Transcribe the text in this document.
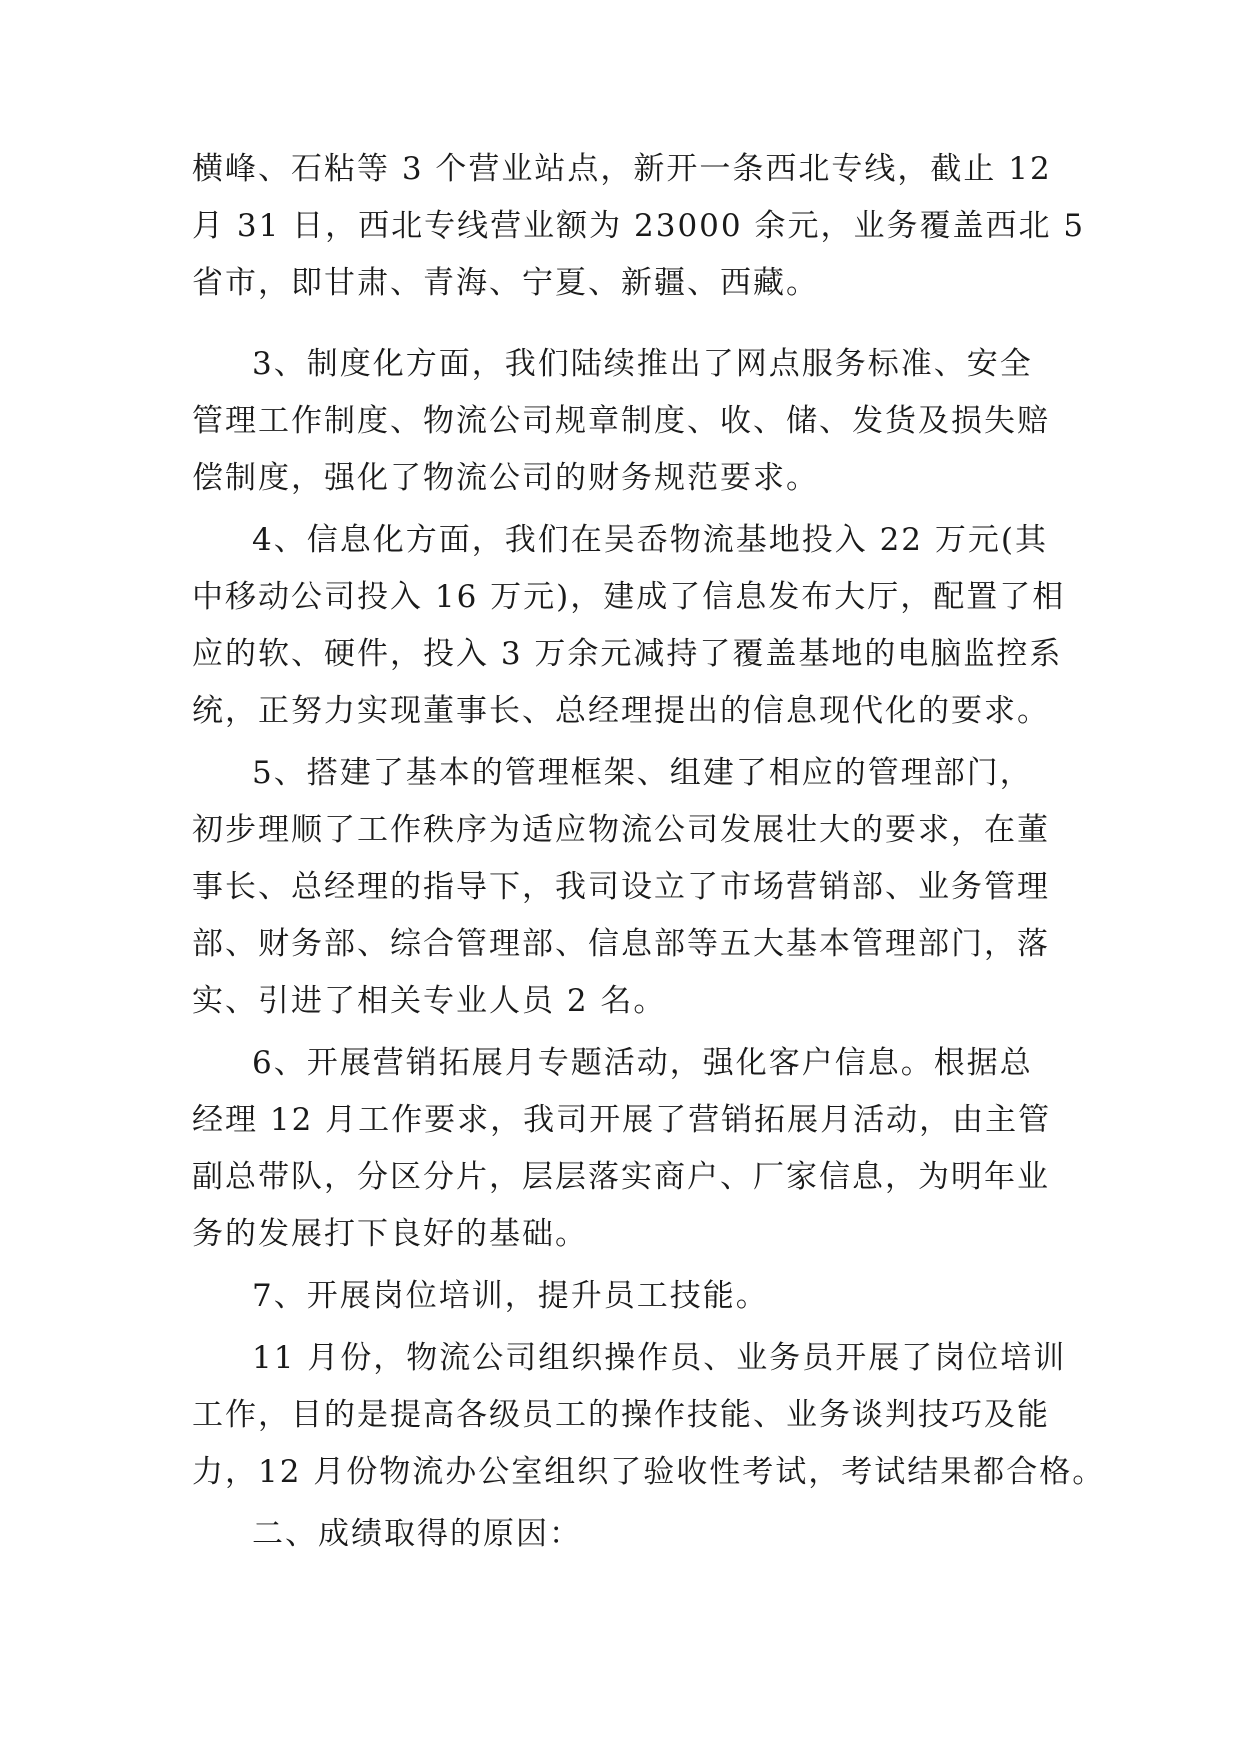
横峰、石粘等 3 个营业站点，新开一条西北专线，截止 12
月 31 日，西北专线营业额为 23000 余元，业务覆盖西北 5
省市，即甘肃、青海、宁夏、新疆、西藏。
3、制度化方面，我们陆续推出了网点服务标准、安全
管理工作制度、物流公司规章制度、收、储、发货及损失赔
偿制度，强化了物流公司的财务规范要求。
4、信息化方面，我们在吴岙物流基地投入 22 万元(其
中移动公司投入 16 万元)，建成了信息发布大厅，配置了相
应的软、硬件，投入 3 万余元减持了覆盖基地的电脑监控系
统，正努力实现董事长、总经理提出的信息现代化的要求。
5、搭建了基本的管理框架、组建了相应的管理部门，
初步理顺了工作秩序为适应物流公司发展壮大的要求，在董
事长、总经理的指导下，我司设立了市场营销部、业务管理
部、财务部、综合管理部、信息部等五大基本管理部门，落
实、引进了相关专业人员 2 名。
6、开展营销拓展月专题活动，强化客户信息。根据总
经理 12 月工作要求，我司开展了营销拓展月活动，由主管
副总带队，分区分片，层层落实商户、厂家信息，为明年业
务的发展打下良好的基础。
7、开展岗位培训，提升员工技能。
11 月份，物流公司组织操作员、业务员开展了岗位培训
工作，目的是提高各级员工的操作技能、业务谈判技巧及能
力，12 月份物流办公室组织了验收性考试，考试结果都合格。
二、成绩取得的原因：
